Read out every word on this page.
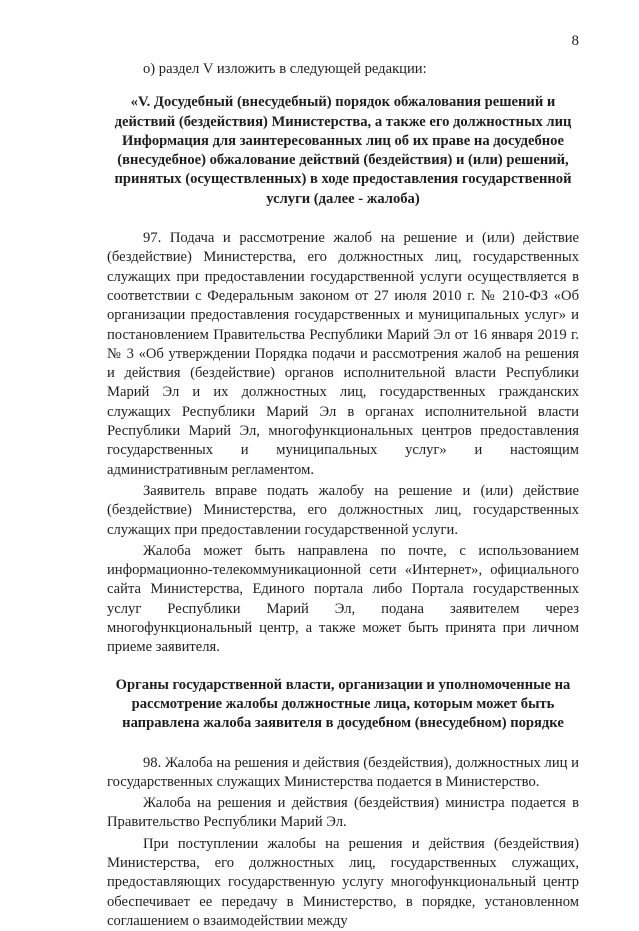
8

о) раздел V изложить в следующей редакции:

«V. Досудебный (внесудебный) порядок обжалования решений и действий (бездействия) Министерства, а также его должностных лиц Информация для заинтересованных лиц об их праве на досудебное (внесудебное) обжалование действий (бездействия) и (или) решений, принятых (осуществленных) в ходе предоставления государственной услуги (далее - жалоба)

97. Подача и рассмотрение жалоб на решение и (или) действие (бездействие) Министерства, его должностных лиц, государственных служащих при предоставлении государственной услуги осуществляется в соответствии с Федеральным законом от 27 июля 2010 г. № 210-ФЗ «Об организации предоставления государственных и муниципальных услуг» и постановлением Правительства Республики Марий Эл от 16 января 2019 г. № 3 «Об утверждении Порядка подачи и рассмотрения жалоб на решения и действия (бездействие) органов исполнительной власти Республики Марий Эл и их должностных лиц, государственных гражданских служащих Республики Марий Эл в органах исполнительной власти Республики Марий Эл, многофункциональных центров предоставления государственных и муниципальных услуг» и настоящим административным регламентом.

Заявитель вправе подать жалобу на решение и (или) действие (бездействие) Министерства, его должностных лиц, государственных служащих при предоставлении государственной услуги.

Жалоба может быть направлена по почте, с использованием информационно-телекоммуникационной сети «Интернет», официального сайта Министерства, Единого портала либо Портала государственных услуг Республики Марий Эл, подана заявителем через многофункциональный центр, а также может быть принята при личном приеме заявителя.

Органы государственной власти, организации и уполномоченные на рассмотрение жалобы должностные лица, которым может быть направлена жалоба заявителя в досудебном (внесудебном) порядке

98. Жалоба на решения и действия (бездействия), должностных лиц и государственных служащих Министерства подается в Министерство.

Жалоба на решения и действия (бездействия) министра подается в Правительство Республики Марий Эл.

При поступлении жалобы на решения и действия (бездействия) Министерства, его должностных лиц, государственных служащих, предоставляющих государственную услугу многофункциональный центр обеспечивает ее передачу в Министерство, в порядке, установленном соглашением о взаимодействии между
